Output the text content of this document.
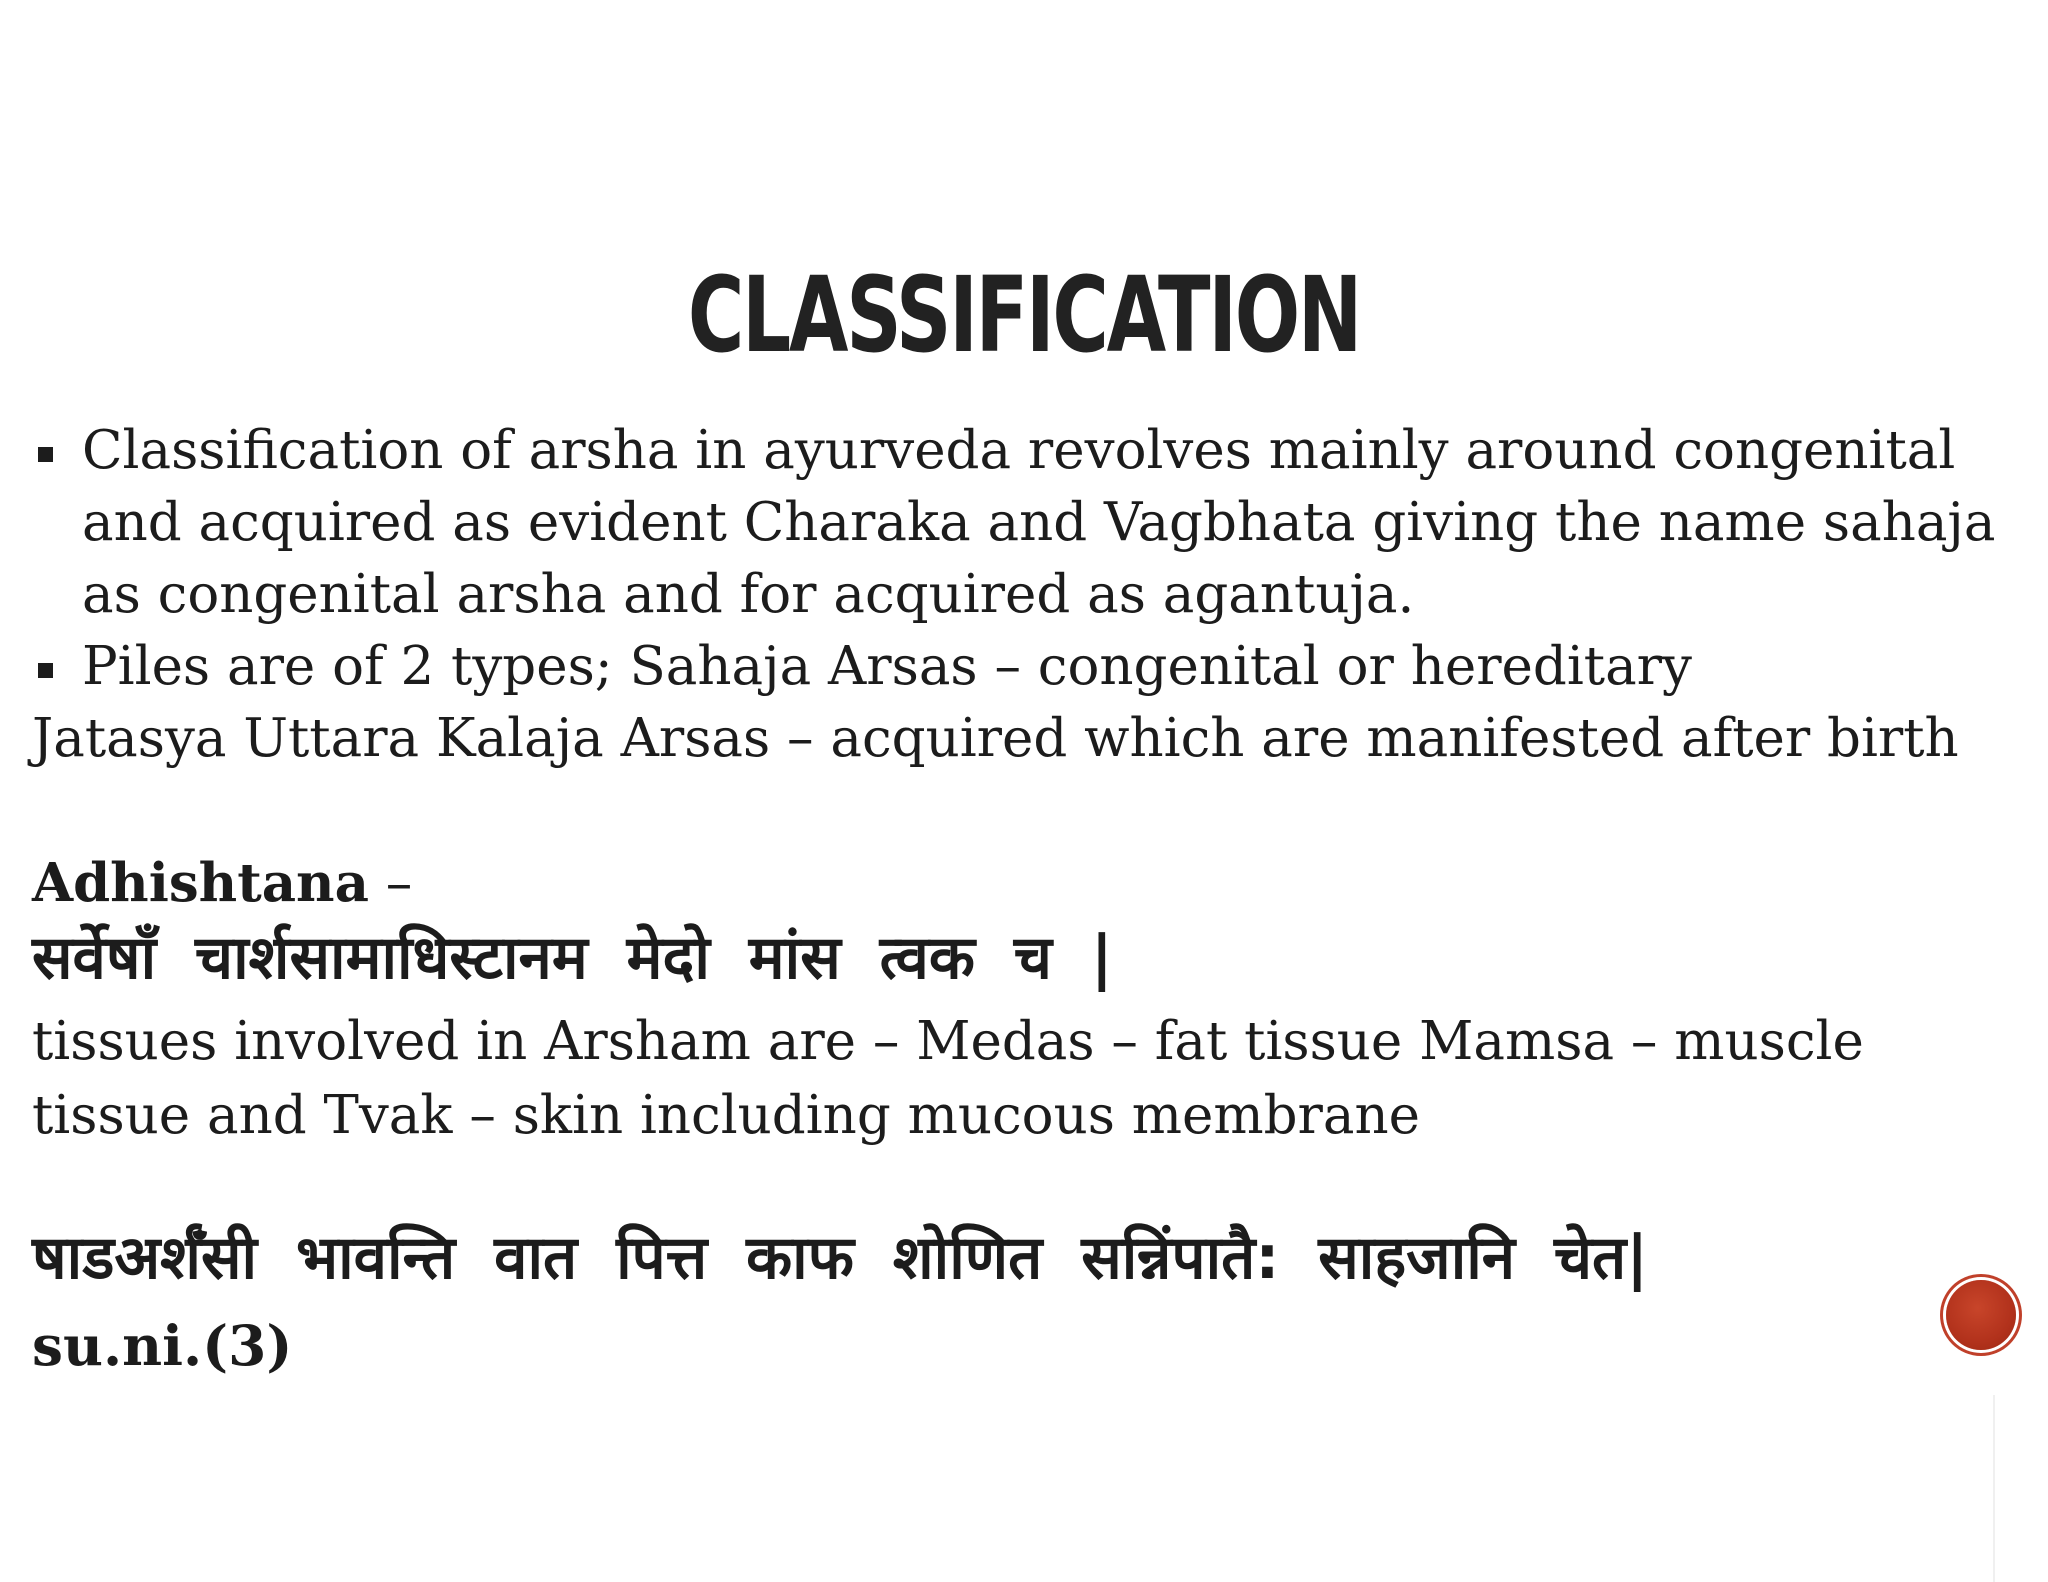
CLASSIFICATION
Classification of arsha in ayurveda revolves mainly around congenital and acquired as evident Charaka and Vagbhata giving the name sahaja as congenital arsha and for acquired as agantuja.
Piles are of 2 types; Sahaja Arsas – congenital or hereditary
Jatasya Uttara Kalaja Arsas – acquired which are manifested after birth
Adhishtana –
सर्वेषाँ चार्शसामाधिस्टानम मेदो मांस त्वक च |
tissues involved in Arsham are – Medas – fat tissue Mamsa – muscle tissue and Tvak – skin including mucous membrane
षाडअर्शँसी भावन्ति वात पित्त काफ शोणित सन्निंपातै: साहजानि चेत|
su.ni.(3)
